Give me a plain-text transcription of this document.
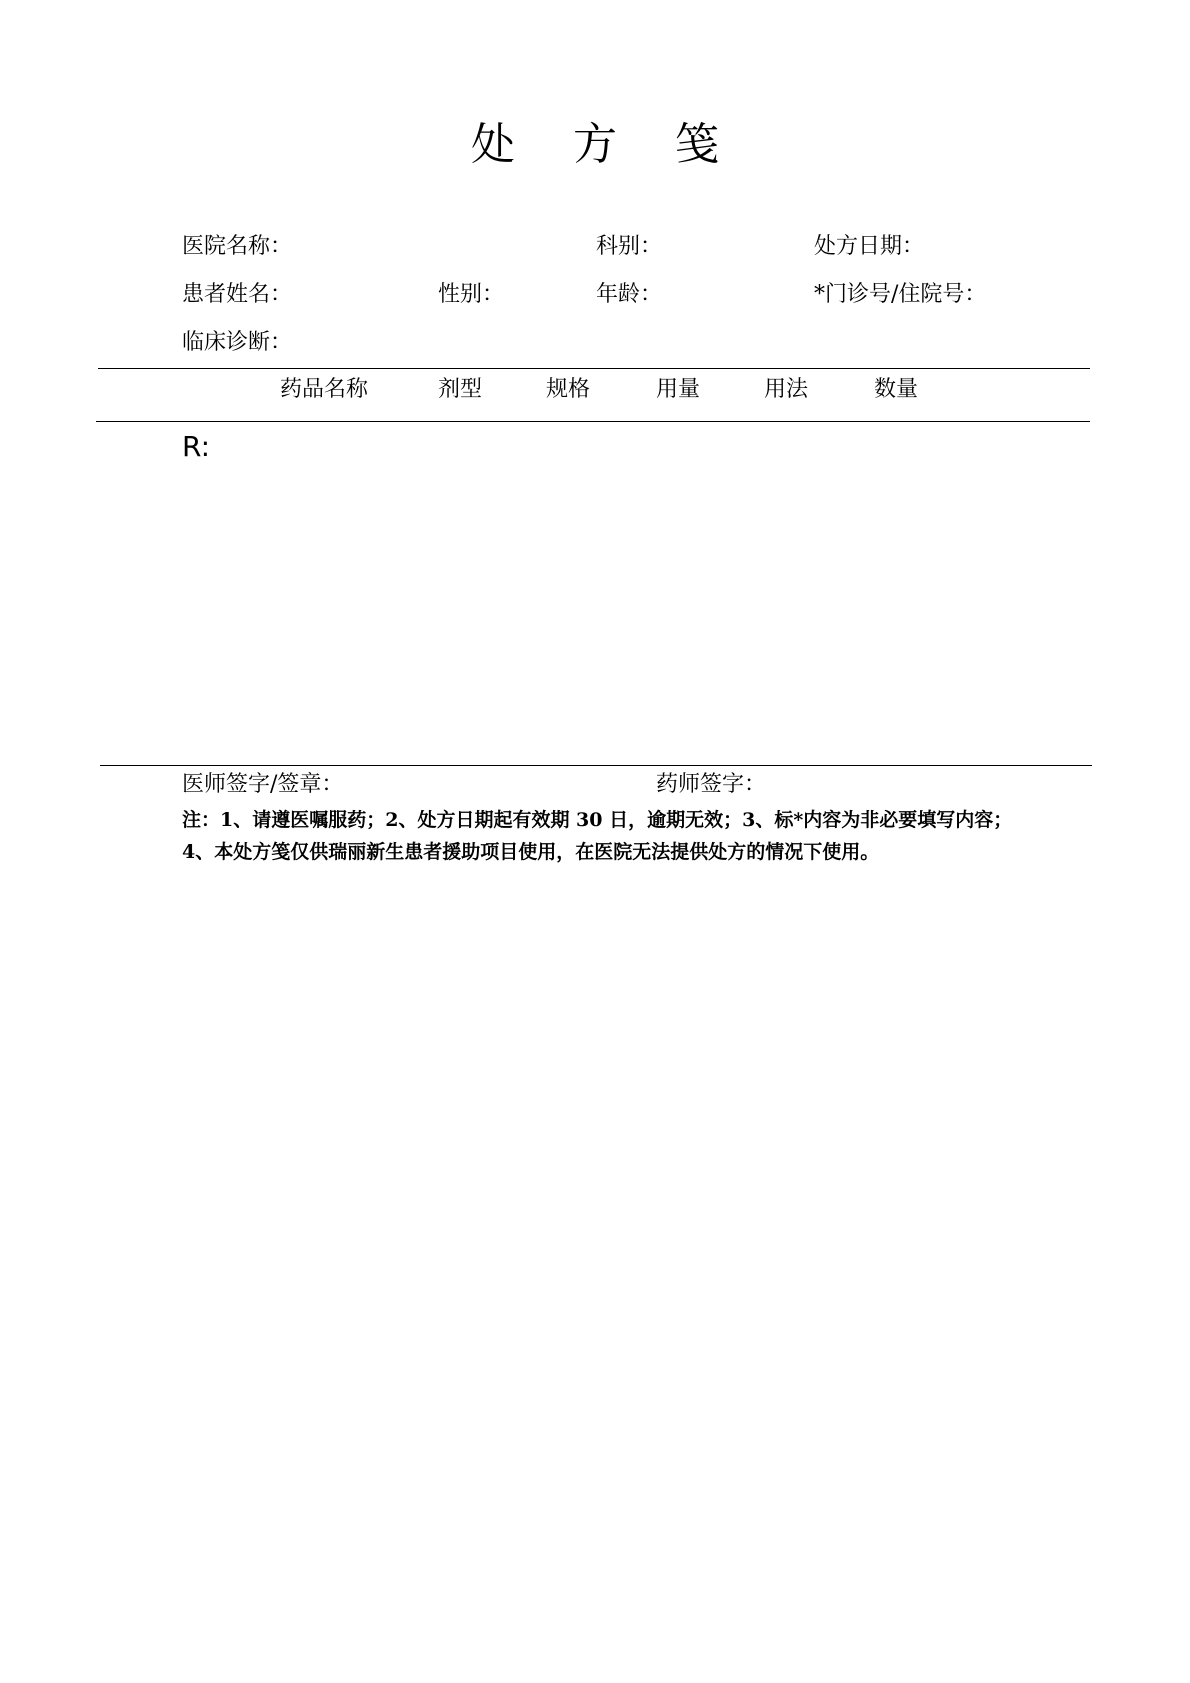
处 方 笺
医院名称：	科别：	处方日期：
患者姓名：	性别：	年龄：	*门诊号/住院号：
临床诊断：
药品名称	剂型	规格	用量	用法	数量
R:
医师签字/签章：	药师签字：
注：1、请遵医嘱服药；2、处方日期起有效期 30 日，逾期无效；3、标*内容为非必要填写内容；4、本处方笺仅供瑞丽新生患者援助项目使用，在医院无法提供处方的情况下使用。
